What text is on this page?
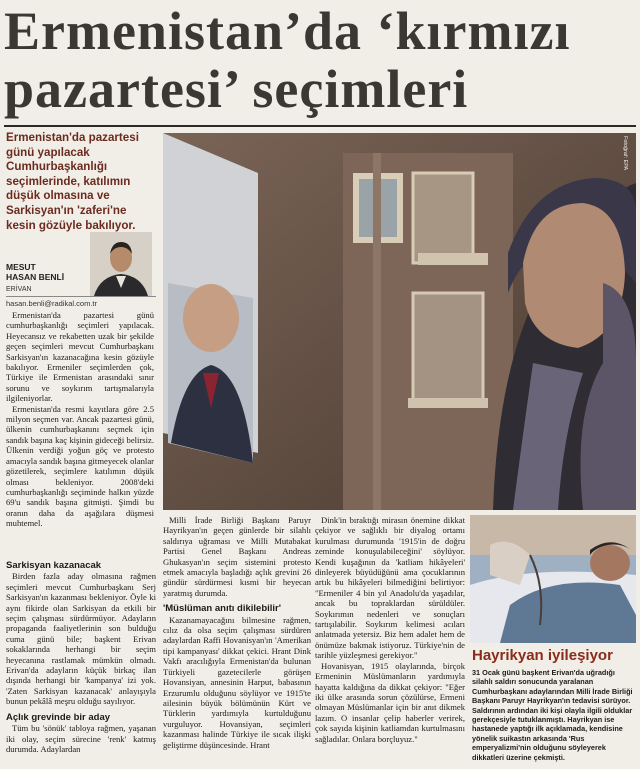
Ermenistan’da ‘kırmızı
pazartesi’ seçimleri
Ermenistan'da pazartesi günü yapılacak Cumhurbaşkanlığı seçimlerinde, katılımın düşük olmasına ve Sarkisyan'ın 'zaferi'ne kesin gözüyle bakılıyor.
MESUT
HASAN BENLİ
ERİVAN
hasan.benli@radikal.com.tr

Ermenistan'da pazartesi günü cumhurbaşkanlığı seçimleri yapılacak. Heyecansız ve rekabetten uzak bir şekilde geçen seçimleri mevcut Cumhurbaşkanı Sarkisyan'ın kazanacağına kesin gözüyle bakılıyor. Ermeniler seçimlerden çok, Türkiye ile Ermenistan arasındaki sınır sorunu ve soykırım tartışmalarıyla ilgileniyorlar.

Ermenistan'da resmi kayıtlara göre 2.5 milyon seçmen var. Ancak pazartesi günü, ülkenin cumhurbaşkanını seçmek için sandık başına kaç kişinin gideceği belirsiz. Ülkenin verdiği yoğun göç ve protesto amacıyla sandık başına gitmeyecek olanlar gözetilerek, seçimlere katılımın düşük olması bekleniyor. 2008'deki cumhurbaşkanlığı seçiminde halkın yüzde 69'u sandık başına gitmişti. Şimdi bu oranın daha da aşağılara düşmesi muhtemel.

Sarkisyan kazanacak

Birden fazla aday olmasına rağmen seçimleri mevcut Cumhurbaşkanı Serj Sarkisyan'ın kazanması bekleniyor. Öyle ki aynı fikirde olan Sarkisyan da etkili bir seçim çalışması sürdürmüyor. Adayların propaganda faaliyetlerinin son bulduğu cuma günü bile; başkent Erivan sokaklarında herhangi bir seçim heyecanına rastlamak mümkün olmadı. Erivan'da adayların küçük birkaç ilan dışında herhangi bir 'kampanya' izi yok. 'Zaten Sarkisyan kazanacak' anlayışıyla bunun pekâlâ meşru olduğu sayılıyor.

Açlık grevinde bir aday

Tüm bu 'sönük' tabloya rağmen, yaşanan iki olay, seçim sürecine 'renk' katmış durumda. Adaylardan

Fotoğraf: EPA

Milli İrade Birliği Başkanı Paruyr Hayrikyan'ın geçen günlerde bir silahlı saldırıya uğraması ve Milli Mutabakat Partisi Genel Başkanı Andreas Ghukasyan'ın seçim sistemini protesto etmek amacıyla başladığı açlık grevini 26 gündür sürdürmesi kısmi bir heyecan yaratmış durumda.

'Müslüman anıtı dikilebilir'

Kazanamayacağını bilmesine rağmen, cılız da olsa seçim çalışması sürdüren adaylardan Raffi Hovanisyan'ın 'Amerikan tipi kampanyası' dikkat çekici. Hrant Dink Vakfı aracılığıyla Ermenistan'da bulunan Türkiyeli gazetecilerle görüşen Hovansiyan, annesinin Harput, babasının Erzurumlu olduğunu söylüyor ve 1915'te ailesinin büyük bölümünün Kürt ve Türklerin yardımıyla kurtulduğunu vurguluyor. Hovansiyan, seçimleri kazanması halinde Türkiye ile sıcak ilişki geliştirme düşüncesinde. Hrant

Dink'in bıraktığı mirasın önemine dikkat çekiyor ve sağlıklı bir diyalog ortamı kurulması durumunda '1915'in de doğru zeminde konuşulabileceğini' söylüyor. Kendi kuşağının da 'katliam hikâyeleri' dinleyerek büyüdüğünü ama çocuklarının artık bu hikâyeleri bilmediğini belirtiyor: "Ermeniler 4 bin yıl Anadolu'da yaşadılar, ancak bu topraklardan sürüldüler. Soykırımın nedenleri ve sonuçları tartışılabilir. Soykırım kelimesi acıları anlatmada yetersiz. Biz hem adalet hem de önümüze bakmak istiyoruz. Türkiye'nin de tarihle yüzleşmesi gerekiyor."

Hovanisyan, 1915 olaylarında, birçok Ermeninin Müslümanların yardımıyla hayatta kaldığına da dikkat çekiyor: "Eğer iki ülke arasında sorun çözülürse, Ermeni olmayan Müslümanlar için bir anıt dikmek lazım. O insanlar çelip haberler verirek, çok sayıda kişinin katliamdan kurtulmasını sağladılar. Onlara borçluyuz."

Hayrikyan iyileşiyor
31 Ocak günü başkent Erivan'da uğradığı silahlı saldırı sonucunda yaralanan Cumhurbaşkanı adaylarından Milli İrade Birliği Başkanı Paruyr Hayrikyan'ın tedavisi sürüyor. Saldırının ardından iki kişi olayla ilgili olduklar gerekçesiyle tutuklanmıştı. Hayrikyan ise hastanede yaptığı ilk açıklamada, kendisine yönelik suikastın arkasında 'Rus emperyalizmi'nin olduğunu söyleyerek dikkatleri üzerine çekmişti.
